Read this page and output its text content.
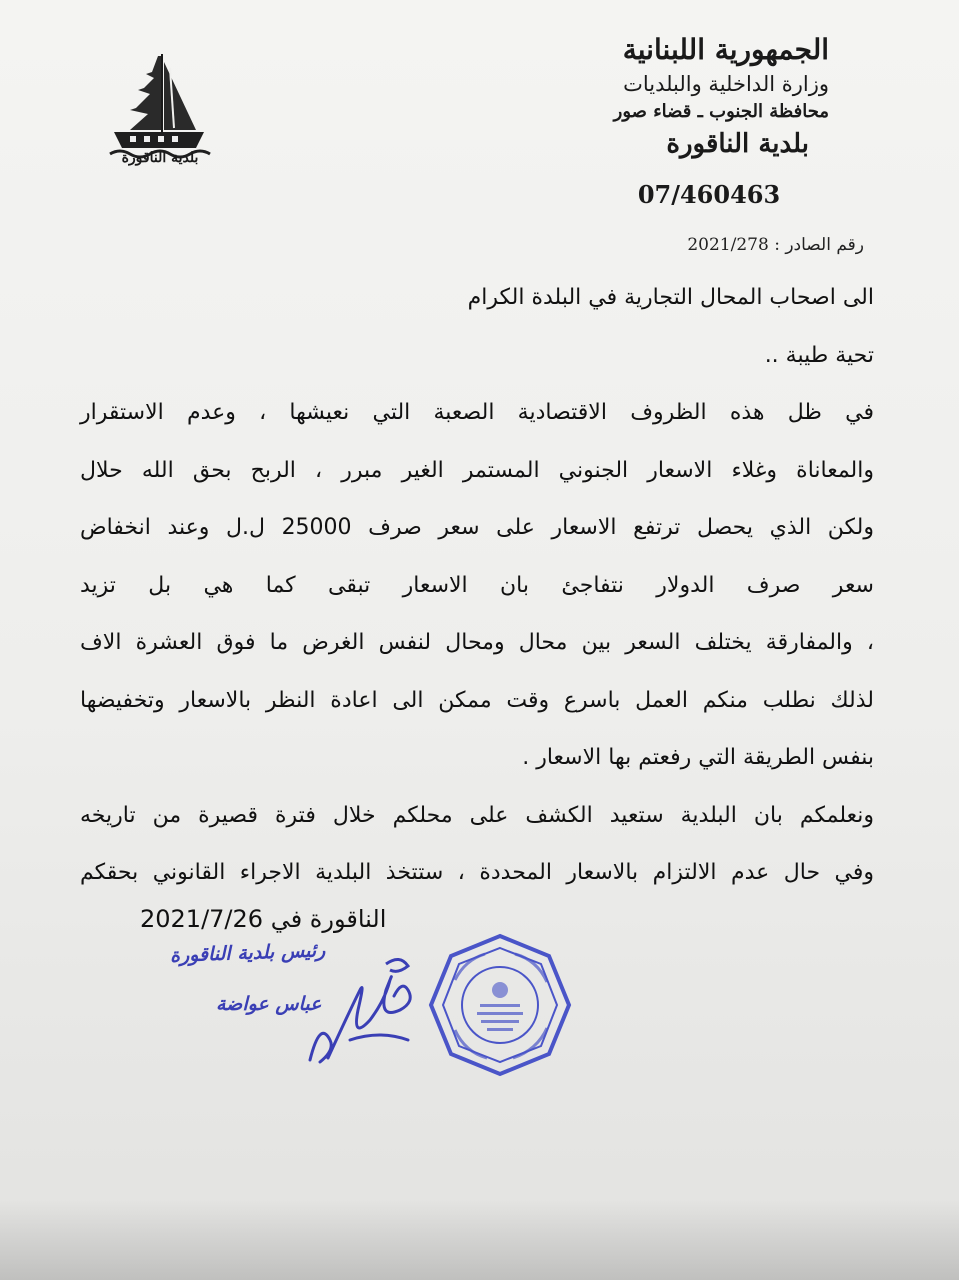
بلدية الناقورة
الجمهورية اللبنانية
وزارة الداخلية والبلديات
محافظة الجنوب ـ قضاء صور
بلدية الناقورة
07/460463
رقم الصادر : 2021/278
الى اصحاب المحال التجارية في البلدة الكرام
تحية طيبة ..
في ظل هذه الظروف الاقتصادية الصعبة التي نعيشها ، وعدم الاستقرار
والمعاناة وغلاء الاسعار الجنوني المستمر الغير مبرر ، الربح بحق الله حلال
ولكن الذي يحصل ترتفع الاسعار على سعر صرف 25000 ل.ل وعند انخفاض
سعر صرف الدولار نتفاجئ بان الاسعار تبقى كما هي بل تزيد
، والمفارقة يختلف السعر بين محال ومحال لنفس الغرض ما فوق العشرة الاف
لذلك نطلب منكم العمل باسرع وقت ممكن الى اعادة النظر بالاسعار وتخفيضها
بنفس الطريقة التي رفعتم بها الاسعار .
ونعلمكم بان البلدية ستعيد الكشف على محلكم خلال فترة قصيرة من تاريخه
وفي حال عدم الالتزام بالاسعار المحددة ، ستتخذ البلدية الاجراء القانوني بحقكم
الناقورة في 2021/7/26
رئيس بلدية الناقورة
عباس عواضة
